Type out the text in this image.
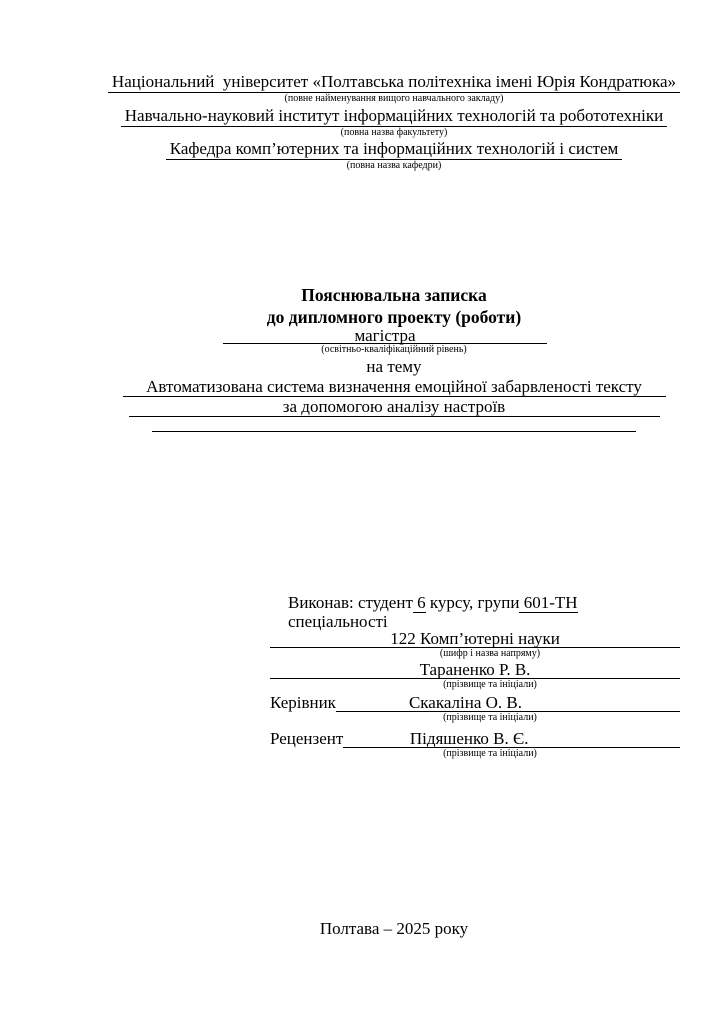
Національний  університет «Полтавська політехніка імені Юрія Кондратюка»
(повне найменування вищого навчального закладу)
Навчально-науковий інститут інформаційних технологій та робототехніки
(повна назва факультету)
Кафедра комп’ютерних та інформаційних технологій і систем
(повна назва кафедри)
Пояснювальна записка
до дипломного проекту (роботи)
магістра
(освітньо-кваліфікаційний рівень)
на тему
Автоматизована система визначення емоційної забарвленості тексту
за допомогою аналізу настроїв
Виконав: студент 6 курсу, групи 601-ТН
спеціальності
122 Комп’ютерні науки
(шифр і назва напряму)
Тараненко Р. В.
(прізвище та ініціали)
Керівник	Скакаліна О. В.
(прізвище та ініціали)
Рецензент	Підяшенко В. Є.
(прізвище та ініціали)
Полтава – 2025 року
